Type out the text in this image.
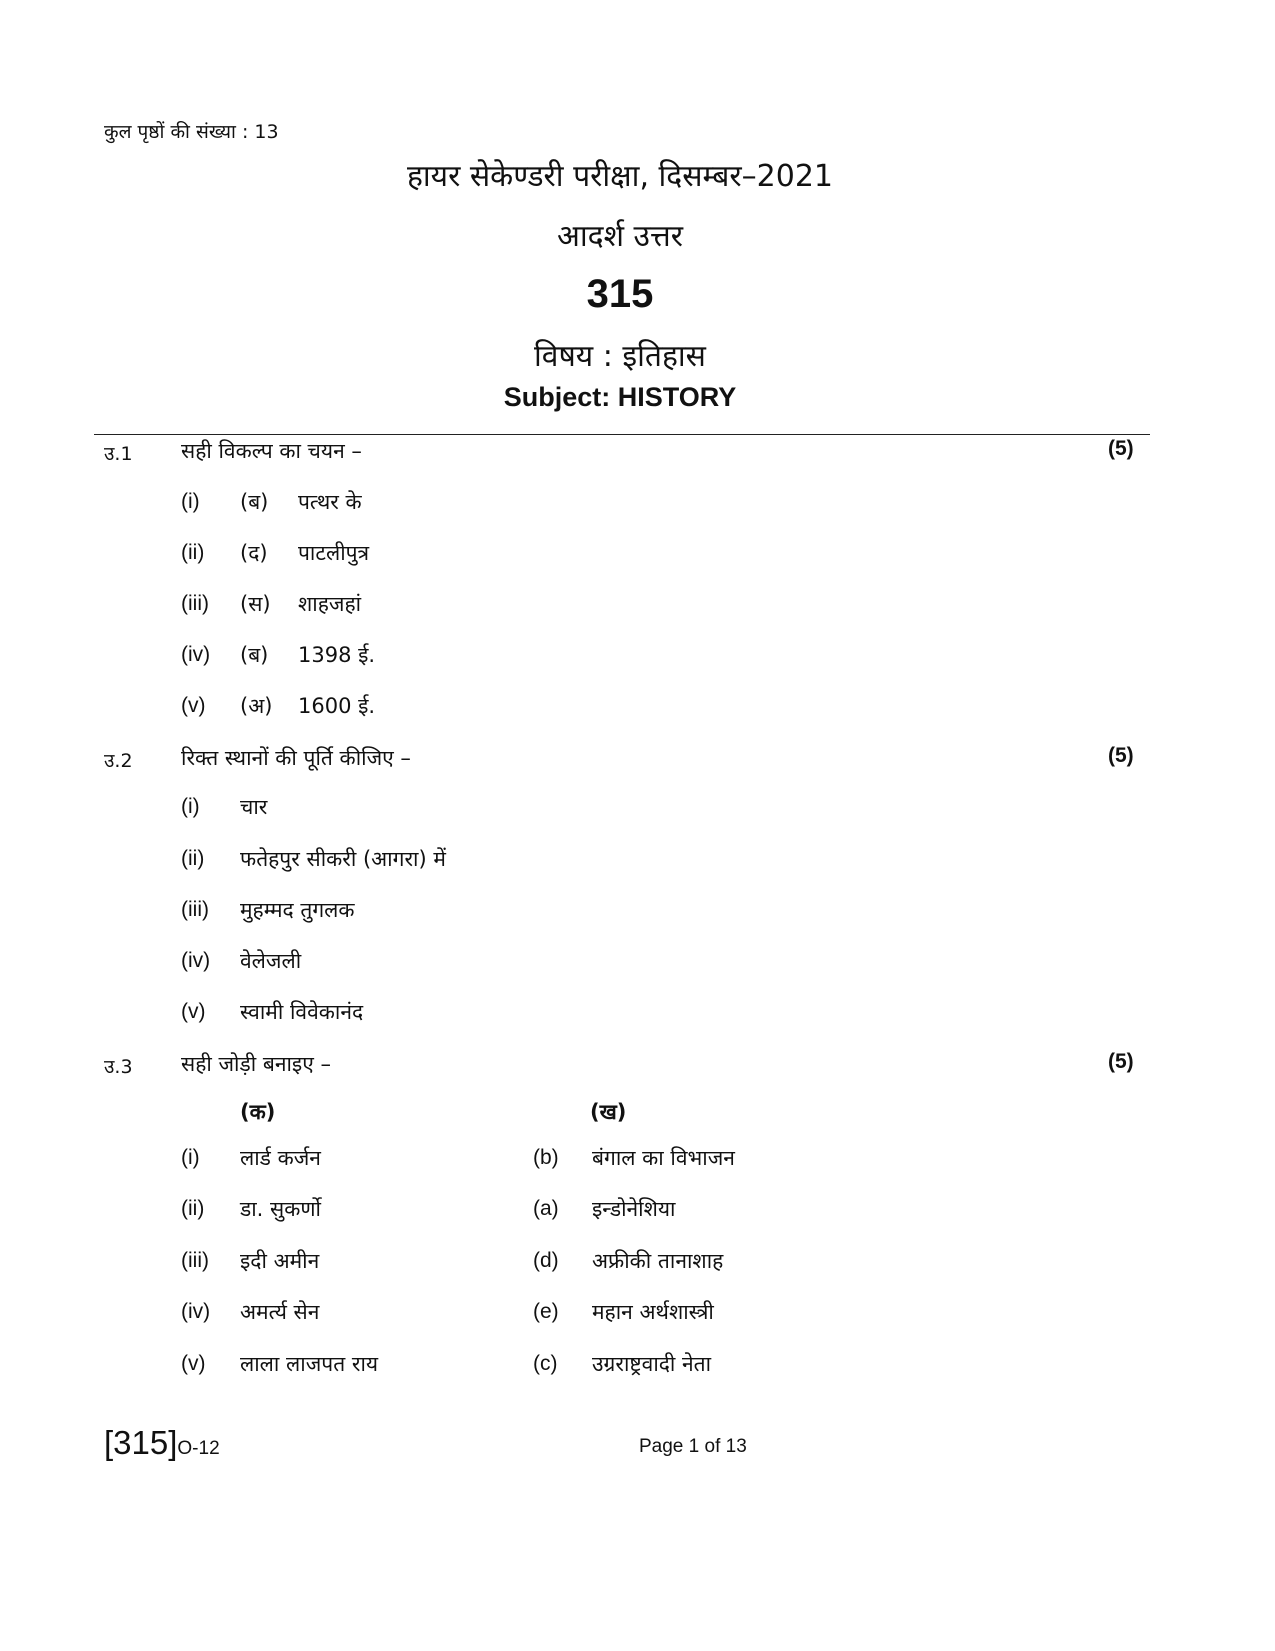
कुल पृष्ठों की संख्या : 13
हायर सेकेण्डरी परीक्षा, दिसम्बर–2021
आदर्श उत्तर
315
विषय : इतिहास
Subject: HISTORY
उ.1 सही विकल्प का चयन –	(5)
(i) (ब) पत्थर के
(ii) (द) पाटलीपुत्र
(iii) (स) शाहजहां
(iv) (ब) 1398 ई.
(v) (अ) 1600 ई.
उ.2 रिक्त स्थानों की पूर्ति कीजिए –	(5)
(i) चार
(ii) फतेहपुर सीकरी (आगरा) में
(iii) मुहम्मद तुगलक
(iv) वेलेजली
(v) स्वामी विवेकानंद
उ.3 सही जोड़ी बनाइए –	(5)
(क)	(ख)
(i) लार्ड कर्जन	(b) बंगाल का विभाजन
(ii) डा. सुकर्णो	(a) इन्डोनेशिया
(iii) इदी अमीन	(d) अफ्रीकी तानाशाह
(iv) अमर्त्य सेन	(e) महान अर्थशास्त्री
(v) लाला लाजपत राय	(c) उग्रराष्ट्रवादी नेता
[315]O-12	Page 1 of 13
